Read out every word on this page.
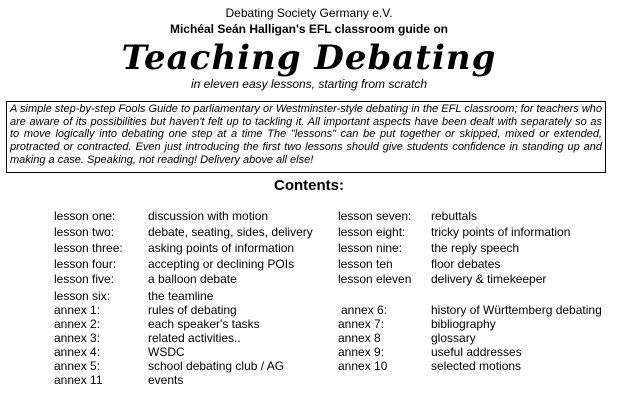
Debating Society Germany e.V.
Michéal Seán Halligan's EFL classroom guide on
Teaching Debating
in eleven easy lessons, starting from scratch
A simple step-by-step Fools Guide to parliamentary or Westminster-style debating in the EFL classroom; for teachers who are aware of its possibilities but haven't felt up to tackling it. All important aspects have been dealt with separately so as to move logically into debating one step at a time The "lessons" can be put together or skipped, mixed or extended, protracted or contracted. Even just introducing the first two lessons should give students confidence in standing up and making a case. Speaking, not reading! Delivery above all else!
Contents:
lesson one:	discussion with motion
lesson two:	debate, seating, sides, delivery
lesson three: asking points of information
lesson four:	accepting or declining POIs
lesson five:	a balloon debate
lesson six:	the teamline
annex 1:	rules of debating
annex 2:	each speaker's tasks
annex 3:	related activities..
annex 4:	WSDC
annex 5:	school debating club / AG
annex 11	events
lesson seven: rebuttals
lesson eight: tricky points of information
lesson nine: the reply speech
lesson ten	floor debates
lesson eleven delivery & timekeeper
annex 6:	history of Württemberg debating
annex 7:	bibliography
annex 8	glossary
annex 9:	useful addresses
annex 10	selected motions
